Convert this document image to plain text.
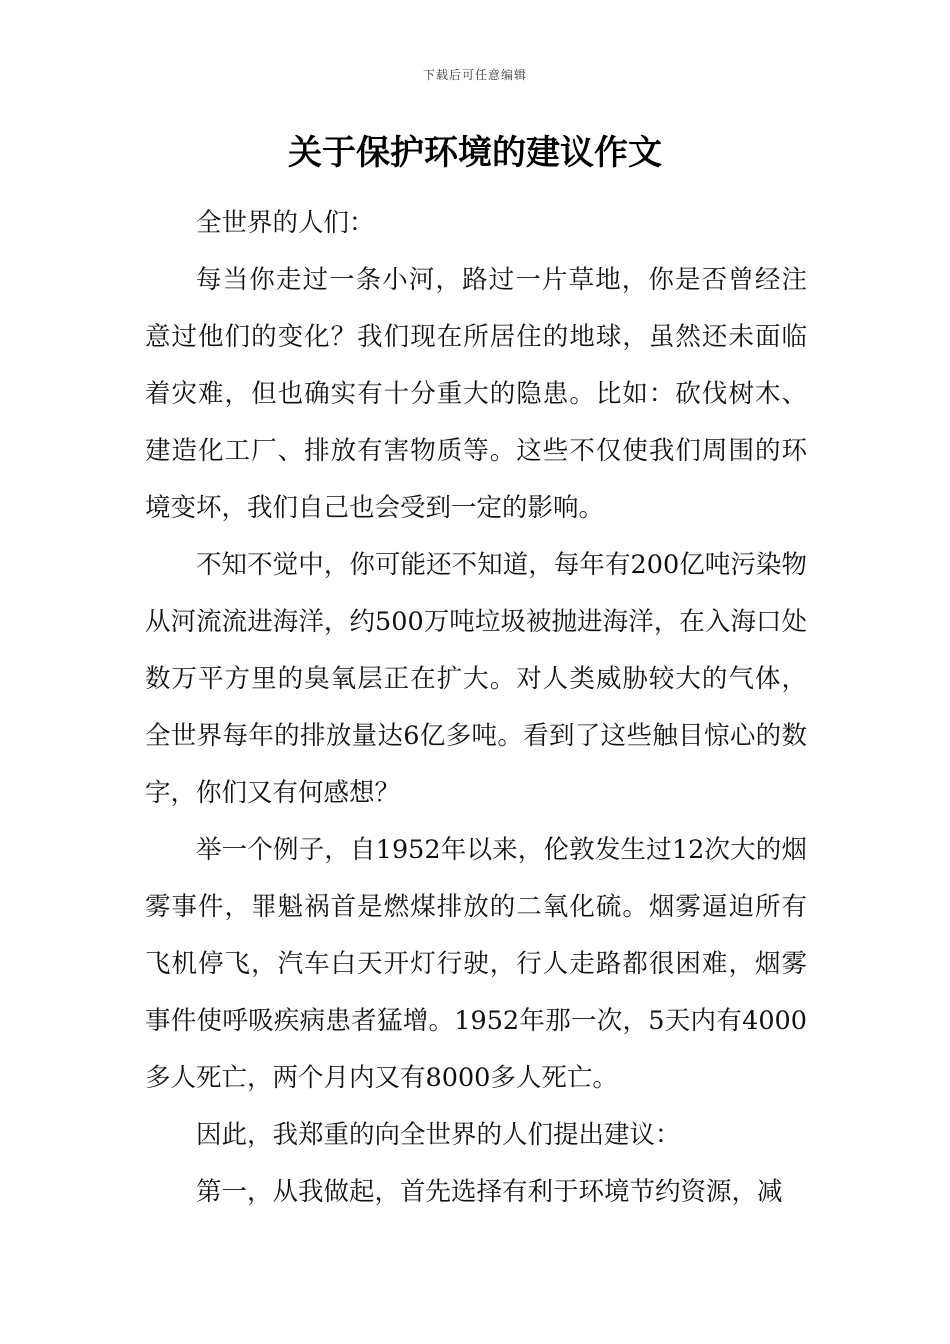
下载后可任意编辑
关于保护环境的建议作文

全世界的人们：

每当你走过一条小河，路过一片草地，你是否曾经注意过他们的变化？我们现在所居住的地球，虽然还未面临着灾难，但也确实有十分重大的隐患。比如：砍伐树木、建造化工厂、排放有害物质等。这些不仅使我们周围的环境变坏，我们自己也会受到一定的影响。

不知不觉中，你可能还不知道，每年有200亿吨污染物从河流流进海洋，约500万吨垃圾被抛进海洋，在入海口处数万平方里的臭氧层正在扩大。对人类威胁较大的气体，全世界每年的排放量达6亿多吨。看到了这些触目惊心的数字，你们又有何感想？

举一个例子，自1952年以来，伦敦发生过12次大的烟雾事件，罪魁祸首是燃煤排放的二氧化硫。烟雾逼迫所有飞机停飞，汽车白天开灯行驶，行人走路都很困难，烟雾事件使呼吸疾病患者猛增。1952年那一次，5天内有4000多人死亡，两个月内又有8000多人死亡。

因此，我郑重的向全世界的人们提出建议：

第一，从我做起，首先选择有利于环境节约资源，减
